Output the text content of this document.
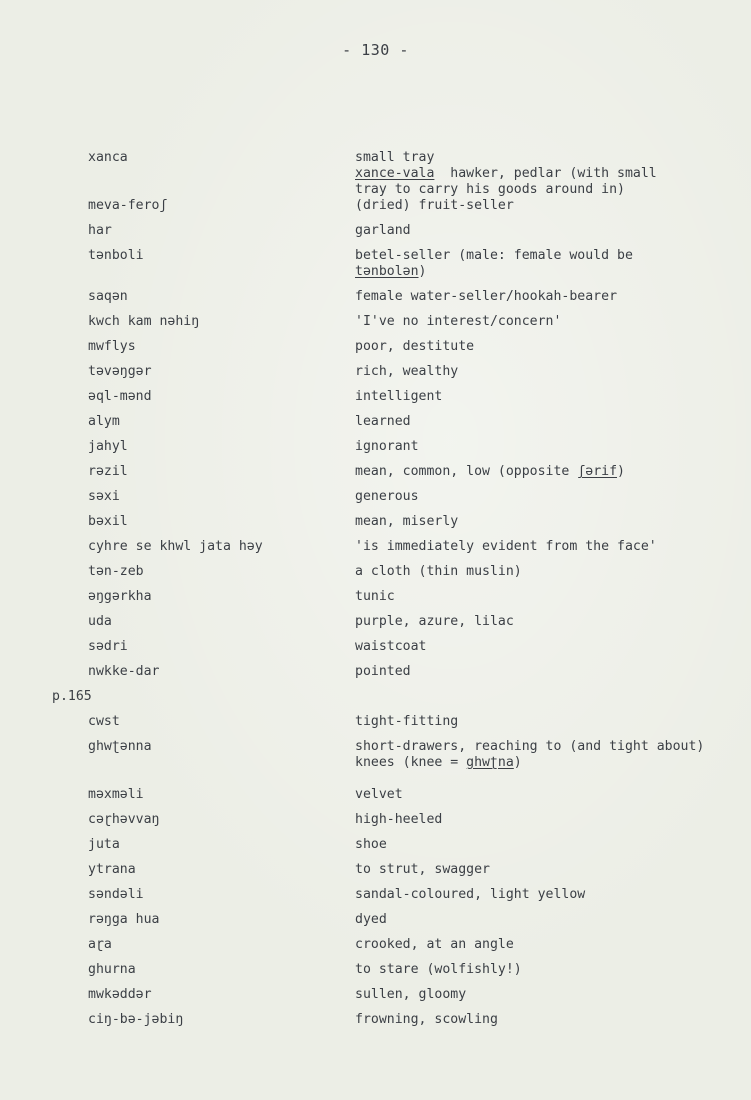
- 130 -
xanca	small tray
xance-vala  hawker, pedlar (with small
tray to carry his goods around in)
meva-feroʃ	(dried) fruit-seller
har	garland
tənboli	betel-seller (male: female would be
tənbolən)
saqən	female water-seller/hookah-bearer
kwch kam nəhiŋ	'I've no interest/concern'
mwflys	poor, destitute
təvəŋgər	rich, wealthy
əql-mənd	intelligent
alym	learned
jahyl	ignorant
rəzil	mean, common, low (opposite ʃərif)
səxi	generous
bəxil	mean, miserly
cyhre se khwl jata həy	'is immediately evident from the face'
tən-zeb	a cloth (thin muslin)
əŋgərkha	tunic
uda	purple, azure, lilac
sədri	waistcoat
nwkke-dar	pointed
p.165
cwst	tight-fitting
ghwʈənna	short-drawers, reaching to (and tight about)
knees (knee = ghwʈna)
məxməli	velvet
cəɽhəvvaŋ	high-heeled
juta	shoe
ytrana	to strut, swagger
səndəli	sandal-coloured, light yellow
rəŋga hua	dyed
aɽa	crooked, at an angle
ghurna	to stare (wolfishly!)
mwkəddər	sullen, gloomy
ciŋ-bə-jəbiŋ	frowning, scowling
